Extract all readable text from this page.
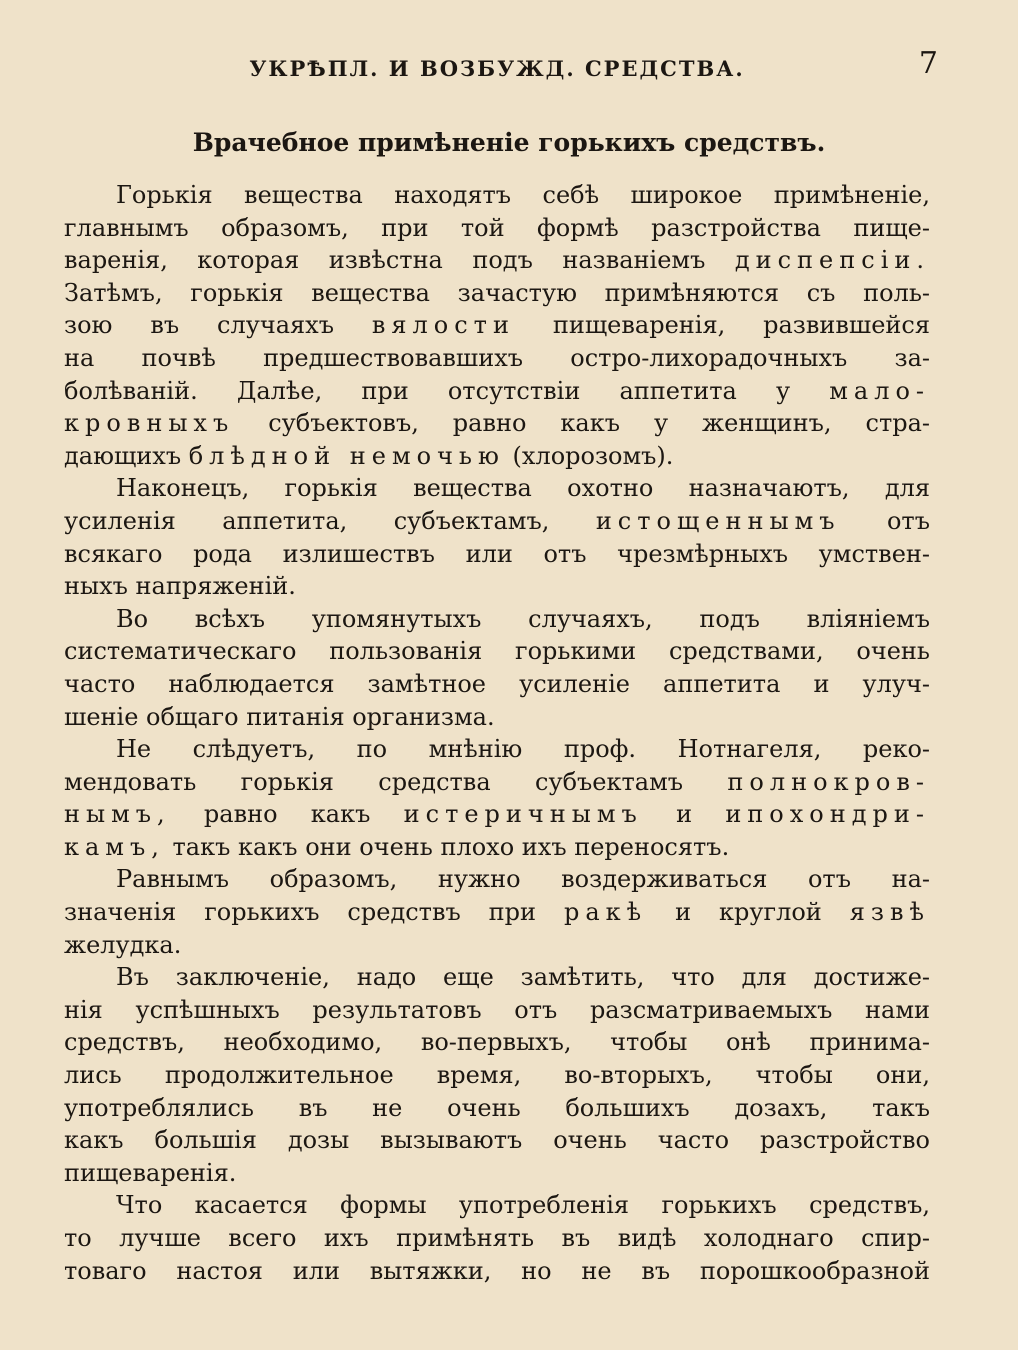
УКРѢПЛ. И ВОЗБУЖД. СРЕДСТВА.	7
Врачебное примѣненіе горькихъ средствъ.
Горькія вещества находятъ себѣ широкое примѣненіе,
главнымъ образомъ, при той формѣ разстройства пище-
варенія, которая извѣстна подъ названіемъ диспепсіи.
Затѣмъ, горькія вещества зачастую примѣняются съ поль-
зою въ случаяхъ вялости пищеваренія, развившейся
на почвѣ предшествовавшихъ остро-лихорадочныхъ за-
болѣваній. Далѣе, при отсутствіи аппетита у мало-
кровныхъ субъектовъ, равно какъ у женщинъ, стра-
дающихъ блѣдной немочью (хлорозомъ).
Наконецъ, горькія вещества охотно назначаютъ, для
усиленія аппетита, субъектамъ, истощеннымъ отъ
всякаго рода излишествъ или отъ чрезмѣрныхъ умствен-
ныхъ напряженій.
Во всѣхъ упомянутыхъ случаяхъ, подъ вліяніемъ
систематическаго пользованія горькими средствами, очень
часто наблюдается замѣтное усиленіе аппетита и улуч-
шеніе общаго питанія организма.
Не слѣдуетъ, по мнѣнію проф. Нотнагеля, реко-
мендовать горькія средства субъектамъ полнокров-
нымъ, равно какъ истеричнымъ и ипохондри-
камъ, такъ какъ они очень плохо ихъ переносятъ.
Равнымъ образомъ, нужно воздерживаться отъ на-
значенія горькихъ средствъ при ракѣ и круглой язвѣ
желудка.
Въ заключеніе, надо еще замѣтить, что для достиже-
нія успѣшныхъ результатовъ отъ разсматриваемыхъ нами
средствъ, необходимо, во-первыхъ, чтобы онѣ принима-
лись продолжительное время, во-вторыхъ, чтобы они,
употреблялись въ не очень большихъ дозахъ, такъ
какъ большія дозы вызываютъ очень часто разстройство
пищеваренія.
Что касается формы употребленія горькихъ средствъ,
то лучше всего ихъ примѣнять въ видѣ холоднаго спир-
товаго настоя или вытяжки, но не въ порошкообразной
